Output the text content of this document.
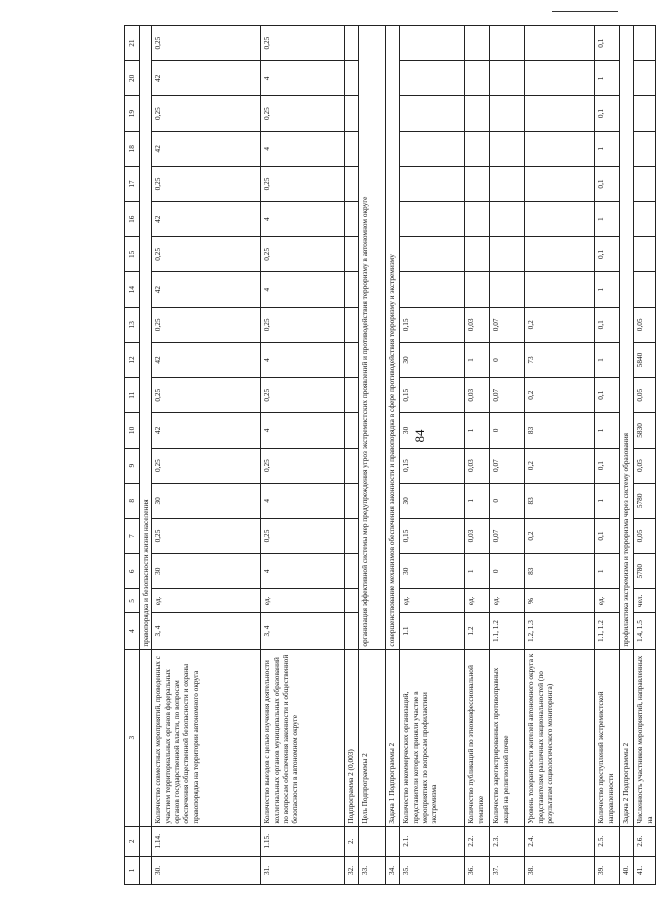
84
1	2	3	4	5	6	7	8	9	10	11	12	13	14	15	16	17	18	19	20	21
			правопорядка и безопасности жизни населения																	
30.	1.14.	Количество совместных мероприятий, проведенных с участием территориальных органов федеральных органов государственной власти, по вопросам обеспечения общественной безопасности и охраны правопорядка на территории автономного округа	3, 4	ед.	30	0,25	30	0,25	42	0,25	42	0,25	42	0,25	42	0,25	42	0,25	42	0,25
31.	1.15.	Количество выездов с целью изучения деятельности коллегиальных органов муниципальных образований по вопросам обеспечения законности и общественной безопасности в автономном округе	3, 4	ед.	4	0,25	4	0,25	4	0,25	4	0,25	4	0,25	4	0,25	4	0,25	4	0,25
32.	2.	Подпрограмма 2 (0,003)																		
33.		Цель Подпрограммы 2	организация эффективной системы мер предупреждения угроз экстремистских проявлений и противодействия терроризму в автономном округе																	
34.		Задача 1 Подпрограммы 2	совершенствование механизмов обеспечения законности и правопорядка в сфере противодействия терроризму и экстремизму																	
35.	2.1.	Количество некоммерческих организаций, представители которых приняли участие в мероприятиях по вопросам профилактики экстремизма	1.1	ед.	30	0,15	30	0,15	30	0,15	30	0,15								
36.	2.2.	Количество публикаций по этноконфессиональной тематике	1.2	ед.	1	0,03	1	0,03	1	0,03	1	0,03								
37.	2.3.	Количество зарегистрированных противоправных акций на религиозной почве	1.1, 1.2	ед.	0	0,07	0	0,07	0	0,07	0	0,07								
38.	2.4.	Уровень толерантности жителей автономного округа к представителям различных национальностей (по результатам социологического мониторинга)	1.2, 1.3	%	83	0,2	83	0,2	83	0,2	73	0,2								
39.	2.5.	Количество преступлений экстремистской направленности	1.1, 1.2	ед.	1	0,1	1	0,1	1	0,1	1	0,1	1	0,1	1	0,1	1	0,1	1	0,1
40.		Задача 2 Подпрограммы 2	профилактика экстремизма и терроризма через систему образования																	
41.	2.6.	Численность участников мероприятий, направленных на	1.4, 1.5	чел.	5780	0,05	5780	0,05	5830	0,05	5840	0,05								
